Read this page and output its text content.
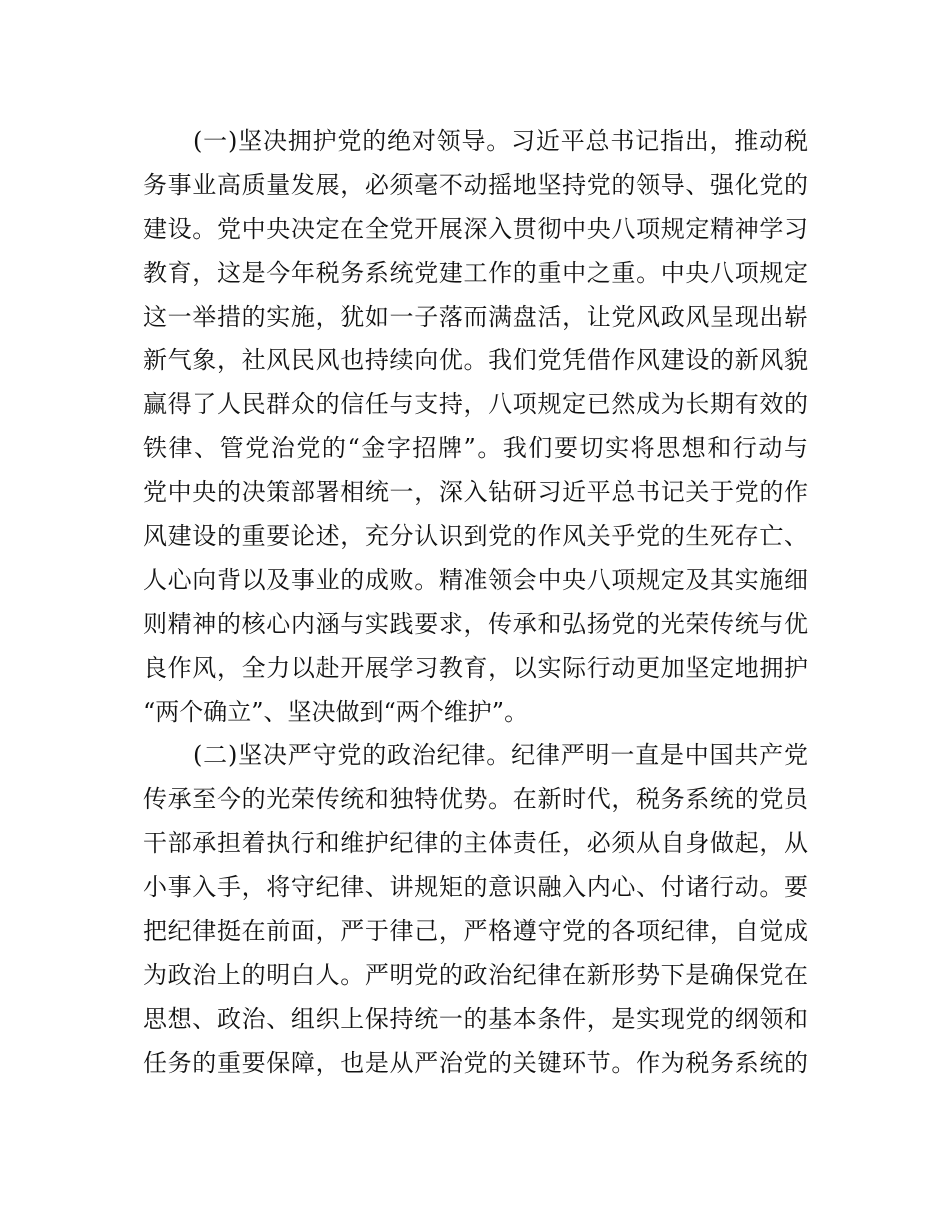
(一)坚决拥护党的绝对领导。习近平总书记指出，推动税
务事业高质量发展，必须毫不动摇地坚持党的领导、强化党的
建设。党中央决定在全党开展深入贯彻中央八项规定精神学习
教育，这是今年税务系统党建工作的重中之重。中央八项规定
这一举措的实施，犹如一子落而满盘活，让党风政风呈现出崭
新气象，社风民风也持续向优。我们党凭借作风建设的新风貌
赢得了人民群众的信任与支持，八项规定已然成为长期有效的
铁律、管党治党的“金字招牌”。我们要切实将思想和行动与
党中央的决策部署相统一，深入钻研习近平总书记关于党的作
风建设的重要论述，充分认识到党的作风关乎党的生死存亡、
人心向背以及事业的成败。精准领会中央八项规定及其实施细
则精神的核心内涵与实践要求，传承和弘扬党的光荣传统与优
良作风，全力以赴开展学习教育，以实际行动更加坚定地拥护
“两个确立”、坚决做到“两个维护”。
(二)坚决严守党的政治纪律。纪律严明一直是中国共产党
传承至今的光荣传统和独特优势。在新时代，税务系统的党员
干部承担着执行和维护纪律的主体责任，必须从自身做起，从
小事入手，将守纪律、讲规矩的意识融入内心、付诸行动。要
把纪律挺在前面，严于律己，严格遵守党的各项纪律，自觉成
为政治上的明白人。严明党的政治纪律在新形势下是确保党在
思想、政治、组织上保持统一的基本条件，是实现党的纲领和
任务的重要保障，也是从严治党的关键环节。作为税务系统的
